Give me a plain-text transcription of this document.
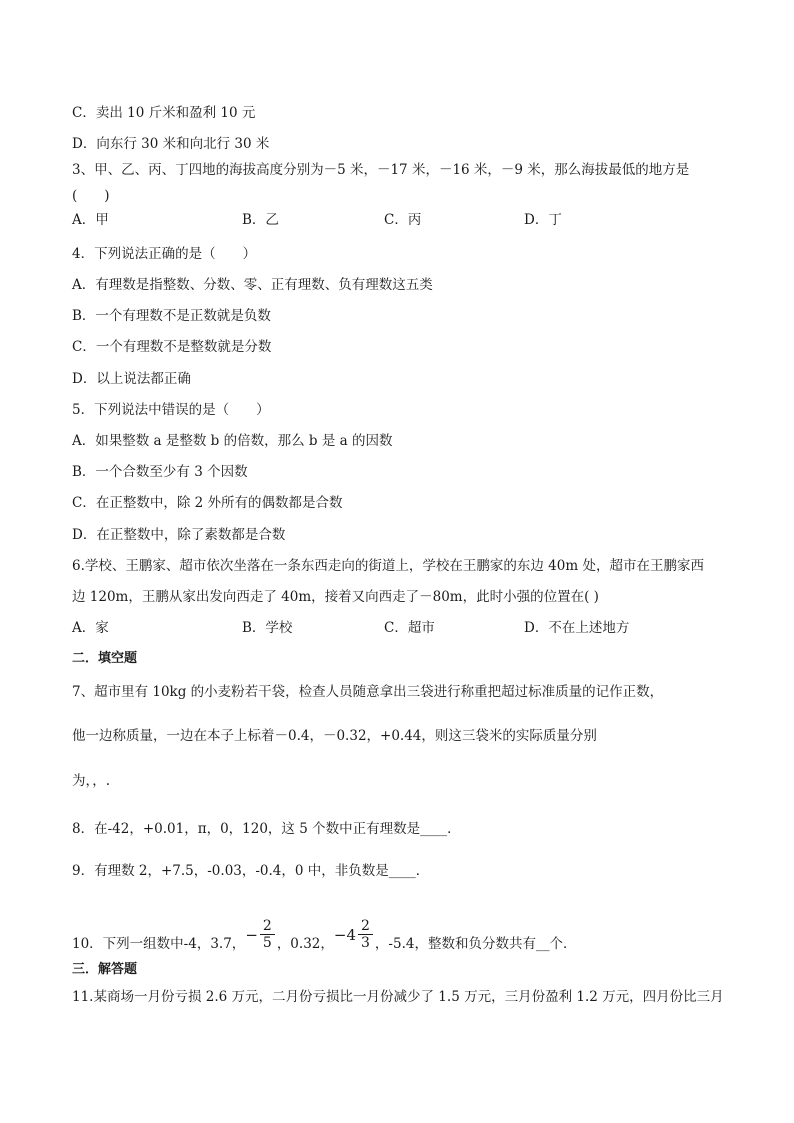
C．卖出 10 斤米和盈利 10 元
D．向东行 30 米和向北行 30 米
3、甲、乙、丙、丁四地的海拔高度分别为－5 米，－17 米，－16 米，－9 米，那么海拔最低的地方是
(　　)
A．甲	B．乙	C．丙	D．丁
4．下列说法正确的是（　　）
A．有理数是指整数、分数、零、正有理数、负有理数这五类
B．一个有理数不是正数就是负数
C．一个有理数不是整数就是分数
D．以上说法都正确
5．下列说法中错误的是（　　）
A．如果整数 a 是整数 b 的倍数，那么 b 是 a 的因数
B．一个合数至少有 3 个因数
C．在正整数中，除 2 外所有的偶数都是合数
D．在正整数中，除了素数都是合数
6.学校、王鹏家、超市依次坐落在一条东西走向的街道上，学校在王鹏家的东边 40m 处，超市在王鹏家西
边 120m，王鹏从家出发向西走了 40m，接着又向西走了－80m，此时小强的位置在( )
A．家	B．学校	C．超市	D．不在上述地方
二．填空题
7、超市里有 10kg 的小麦粉若干袋，检查人员随意拿出三袋进行称重把超过标准质量的记作正数，
他一边称质量，一边在本子上标着－0.4，－0.32，+0.44，则这三袋米的实际质量分别
为，，.
8．在-42，+0.01，π，0，120，这 5 个数中正有理数是____．
9．有理数 2，+7.5，-0.03，-0.4，0 中，非负数是____．
10．下列一组数中-4，3.7，− $\frac{2}{5}$ ，0.32，$-4 \frac{2}{3}$ ，-5.4，整数和负分数共有__个．
三．解答题
11.某商场一月份亏损 2.6 万元，二月份亏损比一月份减少了 1.5 万元，三月份盈利 1.2 万元，四月份比三月
